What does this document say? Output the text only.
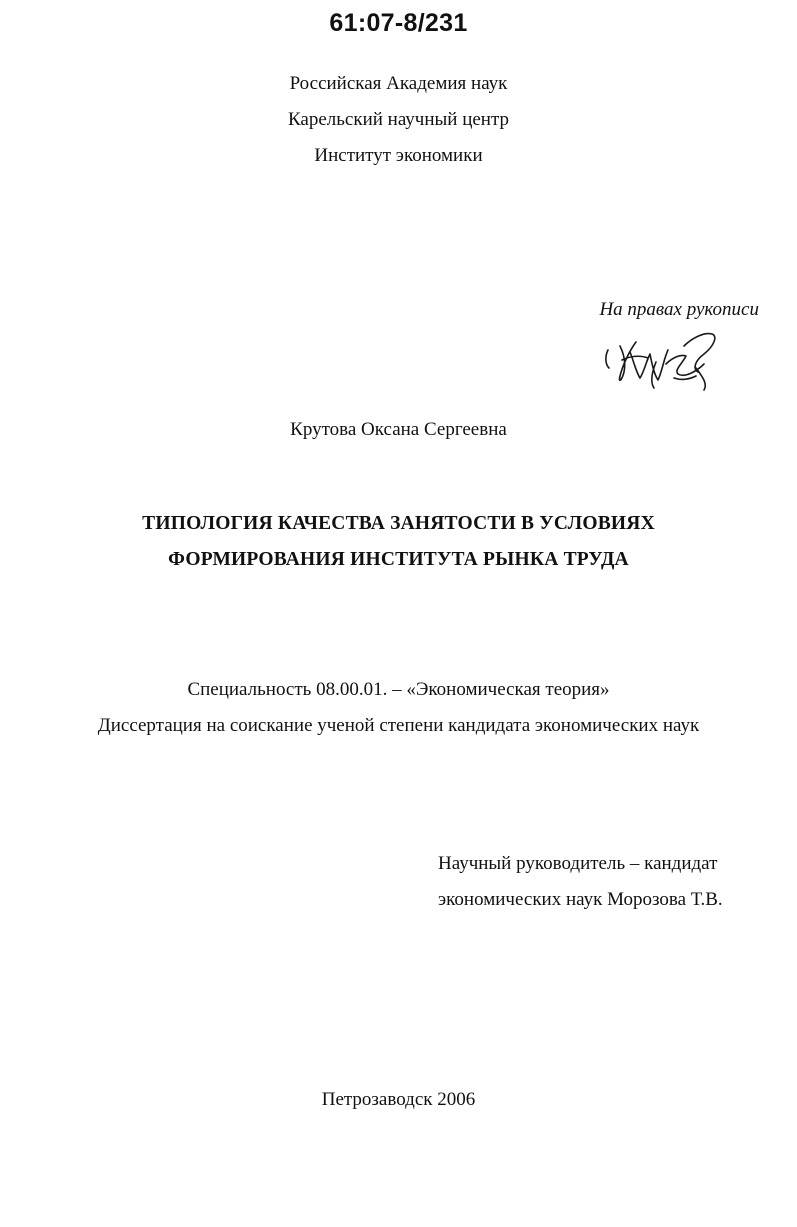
61:07-8/231
Российская Академия наук
Карельский научный центр
Институт экономики
На правах рукописи
Крутова Оксана Сергеевна
ТИПОЛОГИЯ КАЧЕСТВА ЗАНЯТОСТИ В УСЛОВИЯХ
ФОРМИРОВАНИЯ ИНСТИТУТА РЫНКА ТРУДА
Специальность 08.00.01. – «Экономическая теория»
Диссертация на соискание ученой степени кандидата экономических наук
Научный руководитель – кандидат
экономических наук Морозова Т.В.
Петрозаводск 2006
